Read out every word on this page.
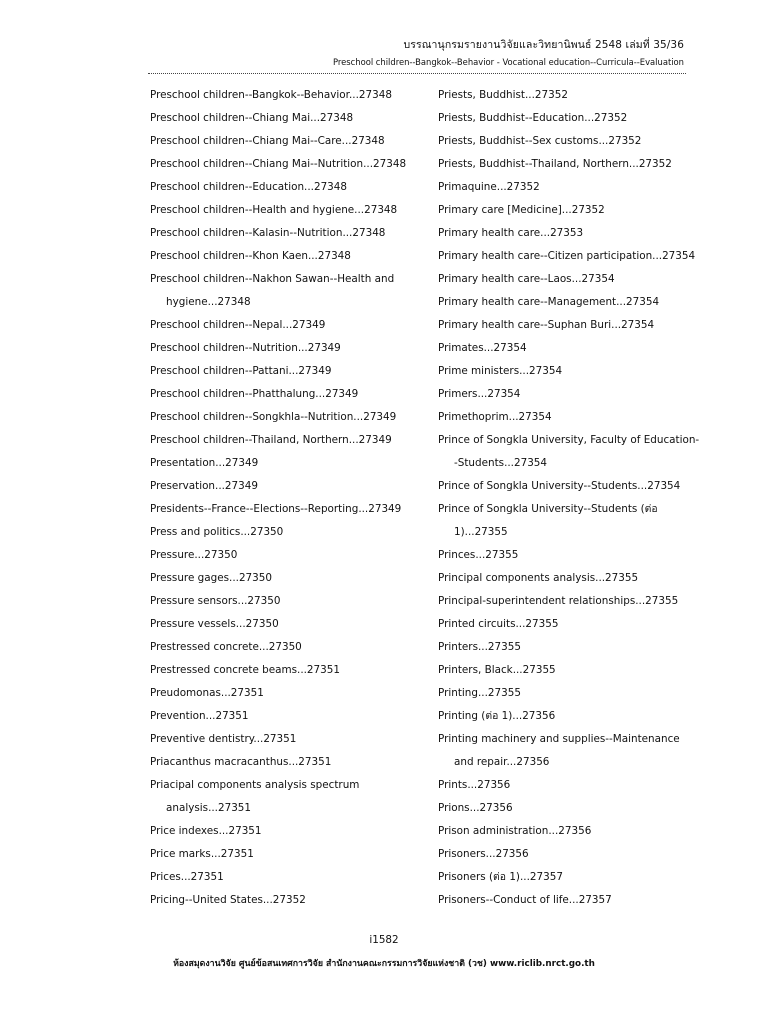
บรรณานุกรมรายงานวิจัยและวิทยานิพนธ์ 2548 เล่มที่ 35/36
Preschool children--Bangkok--Behavior - Vocational education--Curricula--Evaluation
Preschool children--Bangkok--Behavior...27348
Preschool children--Chiang Mai...27348
Preschool children--Chiang Mai--Care...27348
Preschool children--Chiang Mai--Nutrition...27348
Preschool children--Education...27348
Preschool children--Health and hygiene...27348
Preschool children--Kalasin--Nutrition...27348
Preschool children--Khon Kaen...27348
Preschool children--Nakhon Sawan--Health and
hygiene...27348
Preschool children--Nepal...27349
Preschool children--Nutrition...27349
Preschool children--Pattani...27349
Preschool children--Phatthalung...27349
Preschool children--Songkhla--Nutrition...27349
Preschool children--Thailand, Northern...27349
Presentation...27349
Preservation...27349
Presidents--France--Elections--Reporting...27349
Press and politics...27350
Pressure...27350
Pressure gages...27350
Pressure sensors...27350
Pressure vessels...27350
Prestressed concrete...27350
Prestressed concrete beams...27351
Preudomonas...27351
Prevention...27351
Preventive dentistry...27351
Priacanthus macracanthus...27351
Priacipal components analysis spectrum
analysis...27351
Price indexes...27351
Price marks...27351
Prices...27351
Pricing--United States...27352
Priests, Buddhist...27352
Priests, Buddhist--Education...27352
Priests, Buddhist--Sex customs...27352
Priests, Buddhist--Thailand, Northern...27352
Primaquine...27352
Primary care [Medicine]...27352
Primary health care...27353
Primary health care--Citizen participation...27354
Primary health care--Laos...27354
Primary health care--Management...27354
Primary health care--Suphan Buri...27354
Primates...27354
Prime ministers...27354
Primers...27354
Primethoprim...27354
Prince of Songkla University, Faculty of Education-
-Students...27354
Prince of Songkla University--Students...27354
Prince of Songkla University--Students (ต่อ
1)...27355
Princes...27355
Principal components analysis...27355
Principal-superintendent relationships...27355
Printed circuits...27355
Printers...27355
Printers, Black...27355
Printing...27355
Printing (ต่อ 1)...27356
Printing machinery and supplies--Maintenance
and repair...27356
Prints...27356
Prions...27356
Prison administration...27356
Prisoners...27356
Prisoners (ต่อ 1)...27357
Prisoners--Conduct of life...27357
i1582
ห้องสมุดงานวิจัย ศูนย์ข้อสนเทศการวิจัย สำนักงานคณะกรรมการวิจัยแห่งชาติ (วช) www.riclib.nrct.go.th
